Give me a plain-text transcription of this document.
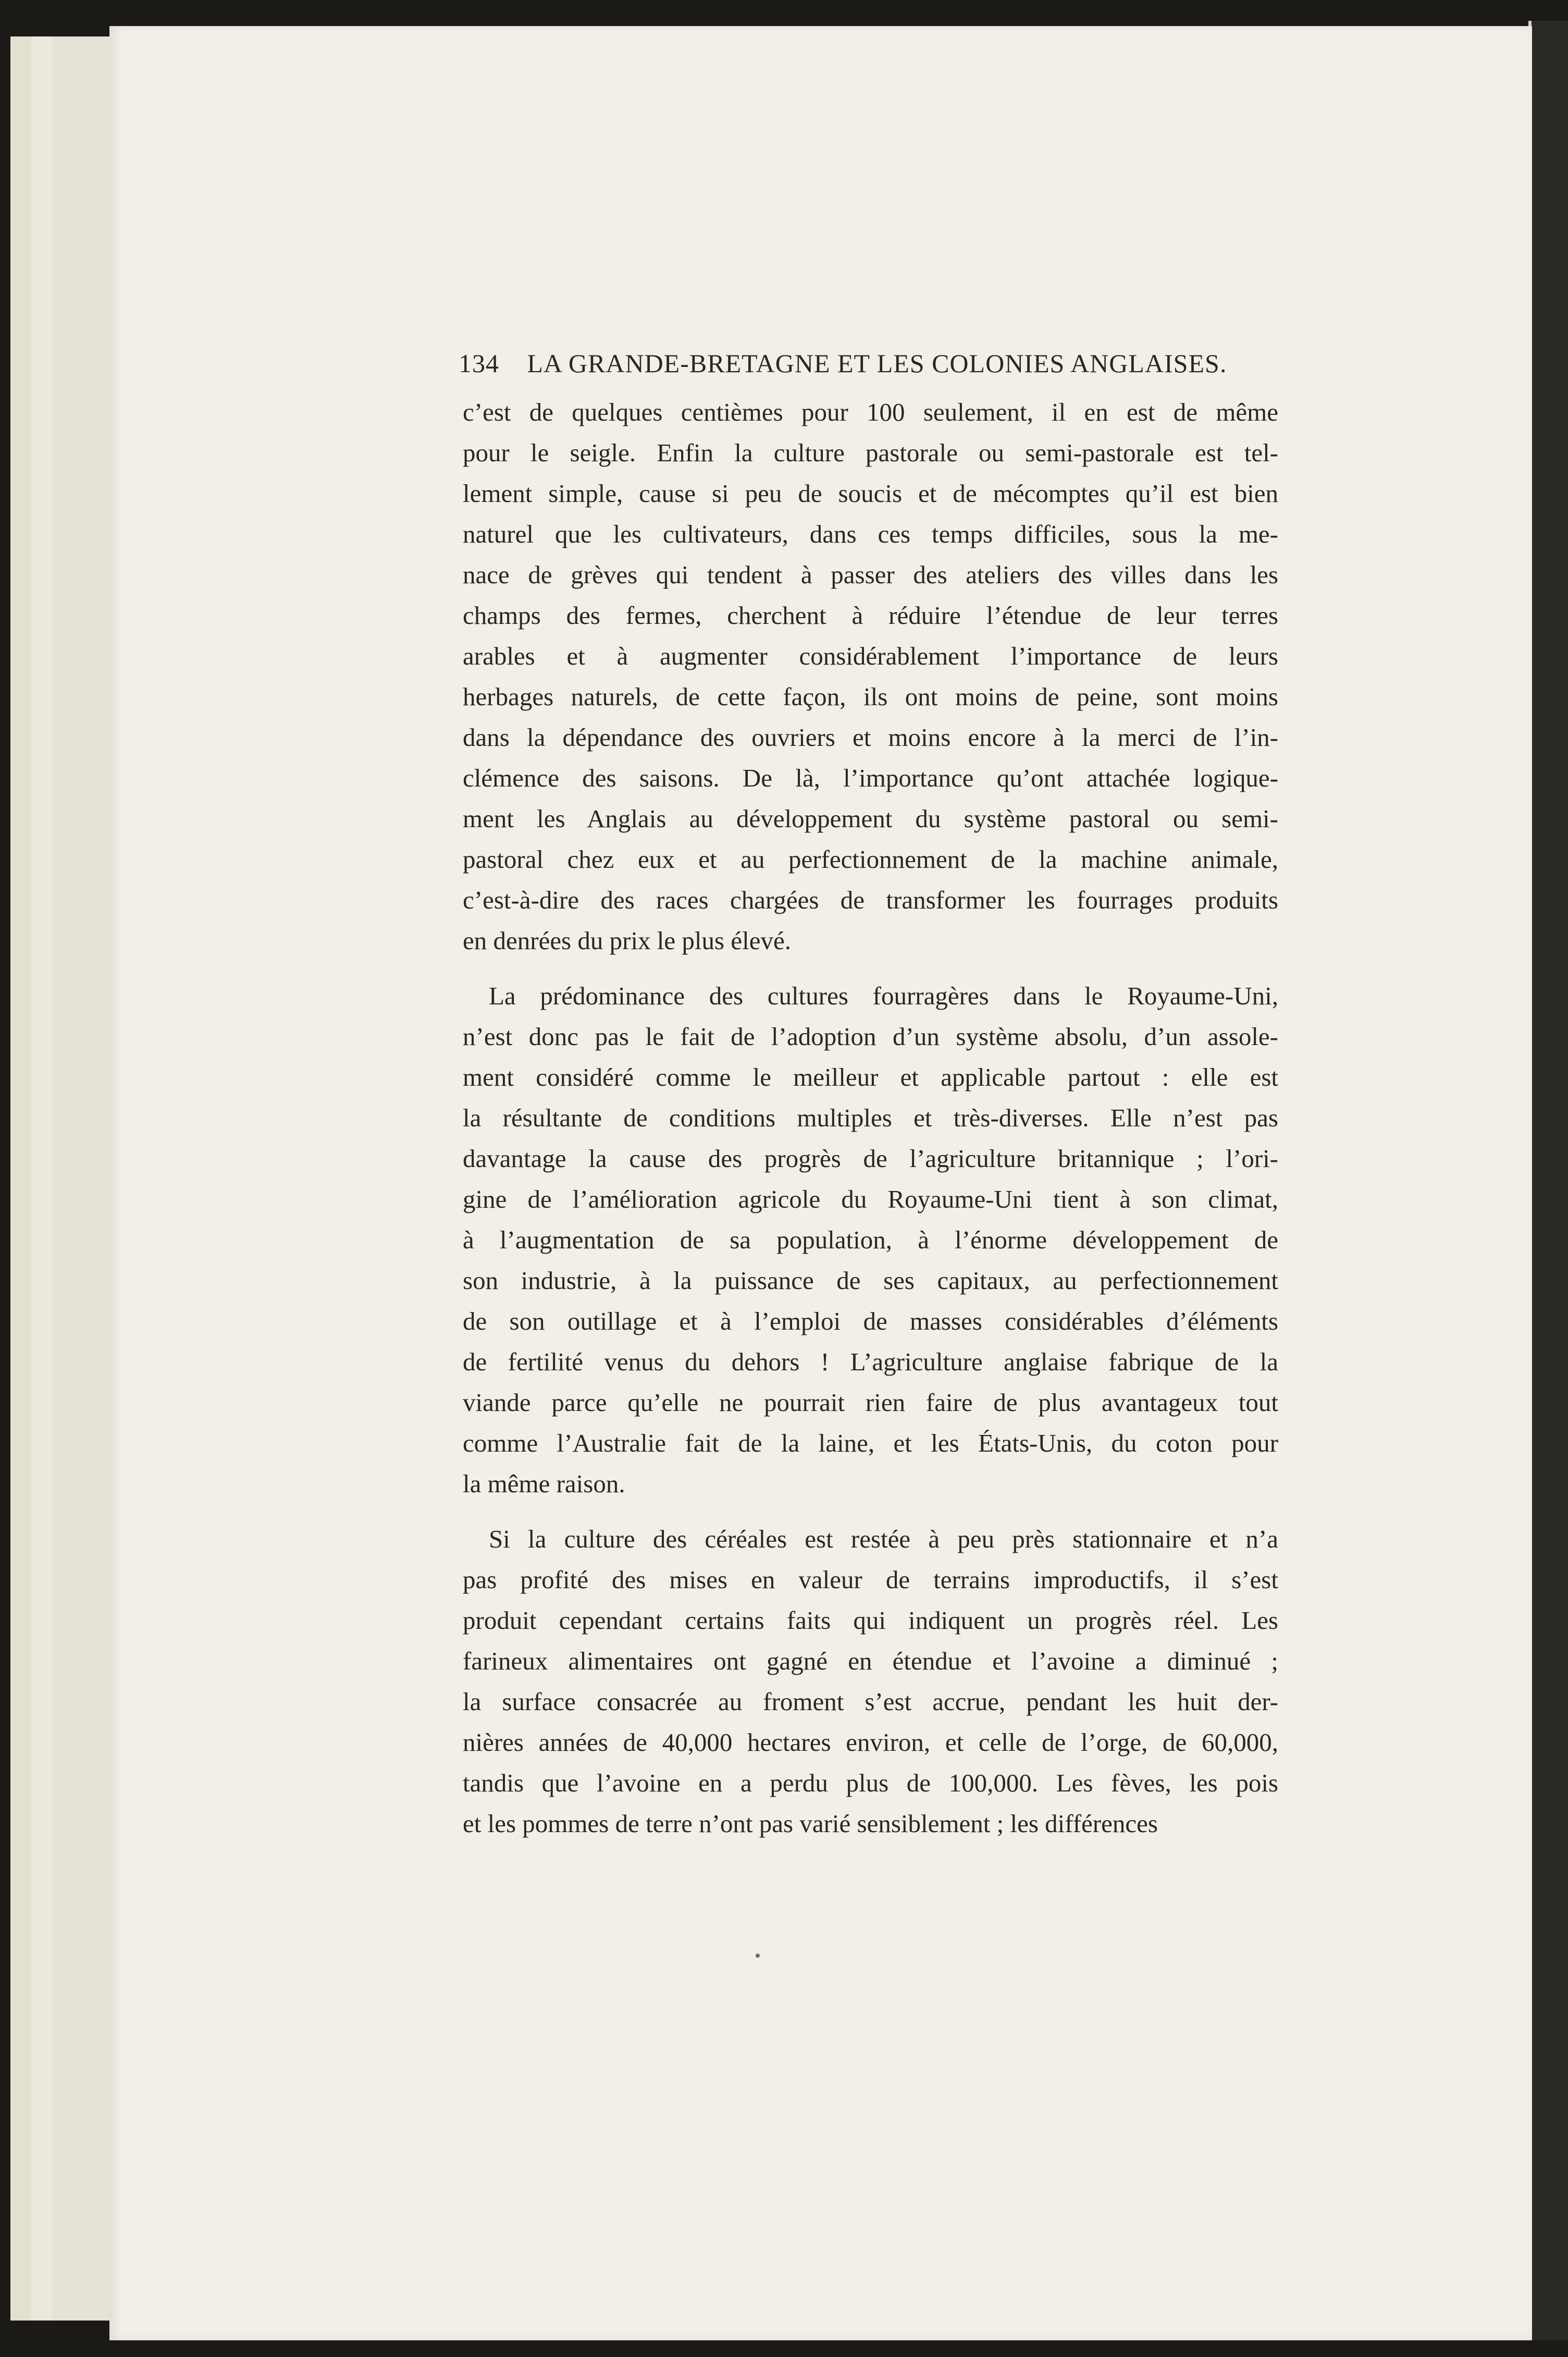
134 LA GRANDE-BRETAGNE ET LES COLONIES ANGLAISES.
c’est de quelques centièmes pour 100 seulement, il en est de même
pour le seigle. Enfin la culture pastorale ou semi-pastorale est tel-
lement simple, cause si peu de soucis et de mécomptes qu’il est bien
naturel que les cultivateurs, dans ces temps difficiles, sous la me-
nace de grèves qui tendent à passer des ateliers des villes dans les
champs des fermes, cherchent à réduire l’étendue de leur terres
arables et à augmenter considérablement l’importance de leurs
herbages naturels, de cette façon, ils ont moins de peine, sont moins
dans la dépendance des ouvriers et moins encore à la merci de l’in-
clémence des saisons. De là, l’importance qu’ont attachée logique-
ment les Anglais au développement du système pastoral ou semi-
pastoral chez eux et au perfectionnement de la machine animale,
c’est-à-dire des races chargées de transformer les fourrages produits
en denrées du prix le plus élevé.
La prédominance des cultures fourragères dans le Royaume-Uni,
n’est donc pas le fait de l’adoption d’un système absolu, d’un assole-
ment considéré comme le meilleur et applicable partout : elle est
la résultante de conditions multiples et très-diverses. Elle n’est pas
davantage la cause des progrès de l’agriculture britannique ; l’ori-
gine de l’amélioration agricole du Royaume-Uni tient à son climat,
à l’augmentation de sa population, à l’énorme développement de
son industrie, à la puissance de ses capitaux, au perfectionnement
de son outillage et à l’emploi de masses considérables d’éléments
de fertilité venus du dehors ! L’agriculture anglaise fabrique de la
viande parce qu’elle ne pourrait rien faire de plus avantageux tout
comme l’Australie fait de la laine, et les États-Unis, du coton pour
la même raison.
Si la culture des céréales est restée à peu près stationnaire et n’a
pas profité des mises en valeur de terrains improductifs, il s’est
produit cependant certains faits qui indiquent un progrès réel. Les
farineux alimentaires ont gagné en étendue et l’avoine a diminué ;
la surface consacrée au froment s’est accrue, pendant les huit der-
nières années de 40,000 hectares environ, et celle de l’orge, de 60,000,
tandis que l’avoine en a perdu plus de 100,000. Les fèves, les pois
et les pommes de terre n’ont pas varié sensiblement ; les différences
